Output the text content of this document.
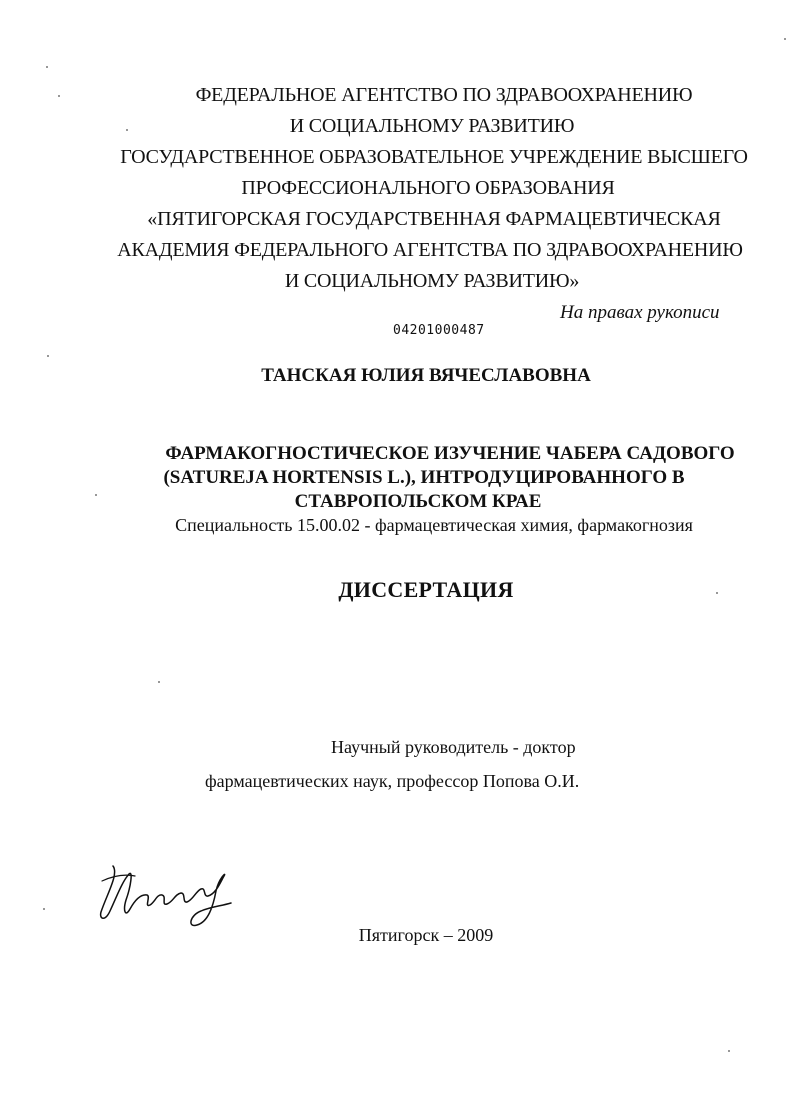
ФЕДЕРАЛЬНОЕ АГЕНТСТВО ПО ЗДРАВООХРАНЕНИЮ
И СОЦИАЛЬНОМУ РАЗВИТИЮ
ГОСУДАРСТВЕННОЕ ОБРАЗОВАТЕЛЬНОЕ УЧРЕЖДЕНИЕ ВЫСШЕГО
ПРОФЕССИОНАЛЬНОГО ОБРАЗОВАНИЯ
«ПЯТИГОРСКАЯ ГОСУДАРСТВЕННАЯ ФАРМАЦЕВТИЧЕСКАЯ
АКАДЕМИЯ ФЕДЕРАЛЬНОГО АГЕНТСТВА ПО ЗДРАВООХРАНЕНИЮ
И СОЦИАЛЬНОМУ РАЗВИТИЮ»
На правах рукописи
04201000487
ТАНСКАЯ ЮЛИЯ ВЯЧЕСЛАВОВНА
ФАРМАКОГНОСТИЧЕСКОЕ ИЗУЧЕНИЕ ЧАБЕРА САДОВОГО
(SATUREJA HORTENSIS L.), ИНТРОДУЦИРОВАННОГО В
СТАВРОПОЛЬСКОМ КРАЕ
Специальность 15.00.02 - фармацевтическая химия, фармакогнозия
ДИССЕРТАЦИЯ
Научный руководитель - доктор
фармацевтических наук, профессор Попова О.И.
Пятигорск – 2009
